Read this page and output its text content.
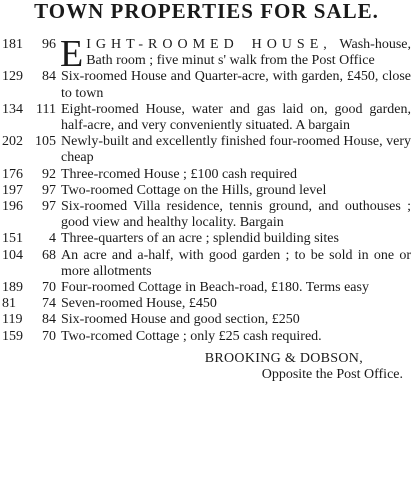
TOWN PROPERTIES FOR SALE.
181	96 E IGHT-ROOMED HOUSE, Wash-house, Bath room ; five minut s' walk from the Post Office
129	84 Six-roomed House and Quarter-acre, with garden, £450, close to town
134 111 Eight-roomed House, water and gas laid on, good garden, half-acre, and very conveniently situated. A bargain
202 105 Newly-built and excellently finished four-roomed House, very cheap
176	92 Three-rcomed House ; £100 cash required
197	97 Two-roomed Cottage on the Hills, ground level
196	97 Six-roomed Villa residence, tennis ground, and outhouses ; good view and healthy locality. Bargain
151	4 Three-quarters of an acre ; splendid building sites
104	68 An acre and a-half, with good garden ; to be sold in one or more allotments
189	70 Four-roomed Cottage in Beach-road, £180. Terms easy
81	74 Seven-roomed House, £450
119	84 Six-roomed House and good section, £250
159	70 Two-rcomed Cottage ; only £25 cash required.
BROOKING & DOBSON,
Opposite the Post Office.
